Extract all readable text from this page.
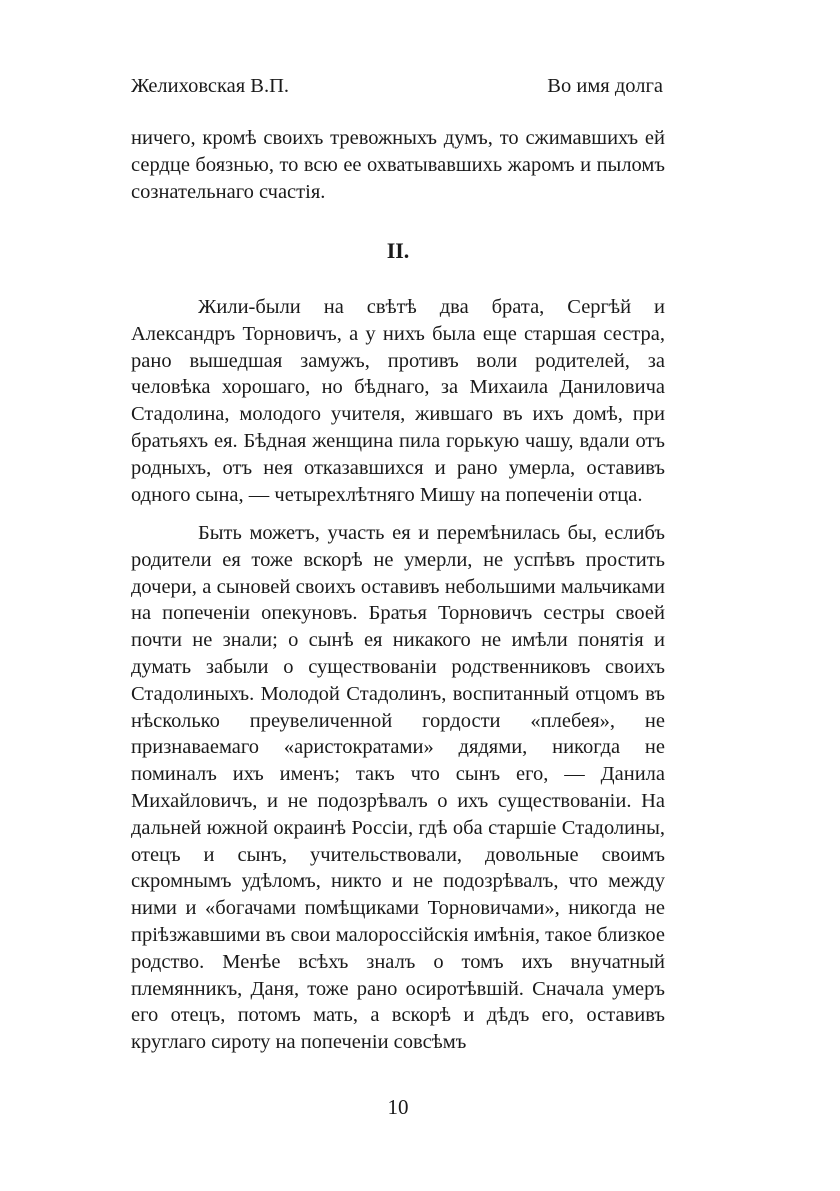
Желиховская В.П.	Во имя долга

ничего, кромѣ своихъ тревожныхъ думъ, то сжимавшихъ ей сердце боязнью, то всю ее охватывавшихь жаромъ и пыломъ сознательнаго счастія.

II.

Жили-были на свѣтѣ два брата, Сергѣй и Александръ Торновичъ, а у нихъ была еще старшая сестра, рано вышедшая замужъ, противъ воли родителей, за человѣка хорошаго, но бѣднаго, за Михаила Даниловича Стадолина, молодого учителя, жившаго въ ихъ домѣ, при братьяхъ ея. Бѣдная женщина пила горькую чашу, вдали отъ родныхъ, отъ нея отказавшихся и рано умерла, оставивъ одного сына, — четырехлѣтняго Мишу на попеченіи отца.

Быть можетъ, участь ея и перемѣнилась бы, еслибъ родители ея тоже вскорѣ не умерли, не успѣвъ простить дочери, а сыновей своихъ оставивъ небольшими мальчиками на попеченіи опекуновъ. Братья Торновичъ сестры своей почти не знали; о сынѣ ея никакого не имѣли понятія и думать забыли о существованіи родственниковъ своихъ Стадолиныхъ. Молодой Стадолинъ, воспитанный отцомъ въ нѣсколько преувеличенной гордости «плебея», не признаваемаго «аристократами» дядями, никогда не поминалъ ихъ именъ; такъ что сынъ его, — Данила Михайловичъ, и не подозрѣвалъ о ихъ существованіи. На дальней южной окраинѣ Россіи, гдѣ оба старшіе Стадолины, отецъ и сынъ, учительствовали, довольные своимъ скромнымъ удѣломъ, никто и не подозрѣвалъ, что между ними и «богачами помѣщиками Торновичами», никогда не пріѣзжавшими въ свои малороссійскія имѣнія, такое близкое родство. Менѣе всѣхъ зналъ о томъ ихъ внучатный племянникъ, Даня, тоже рано осиротѣвшій. Сначала умеръ его отецъ, потомъ мать, а вскорѣ и дѣдъ его, оставивъ круглаго сироту на попеченіи совсѣмъ

10
